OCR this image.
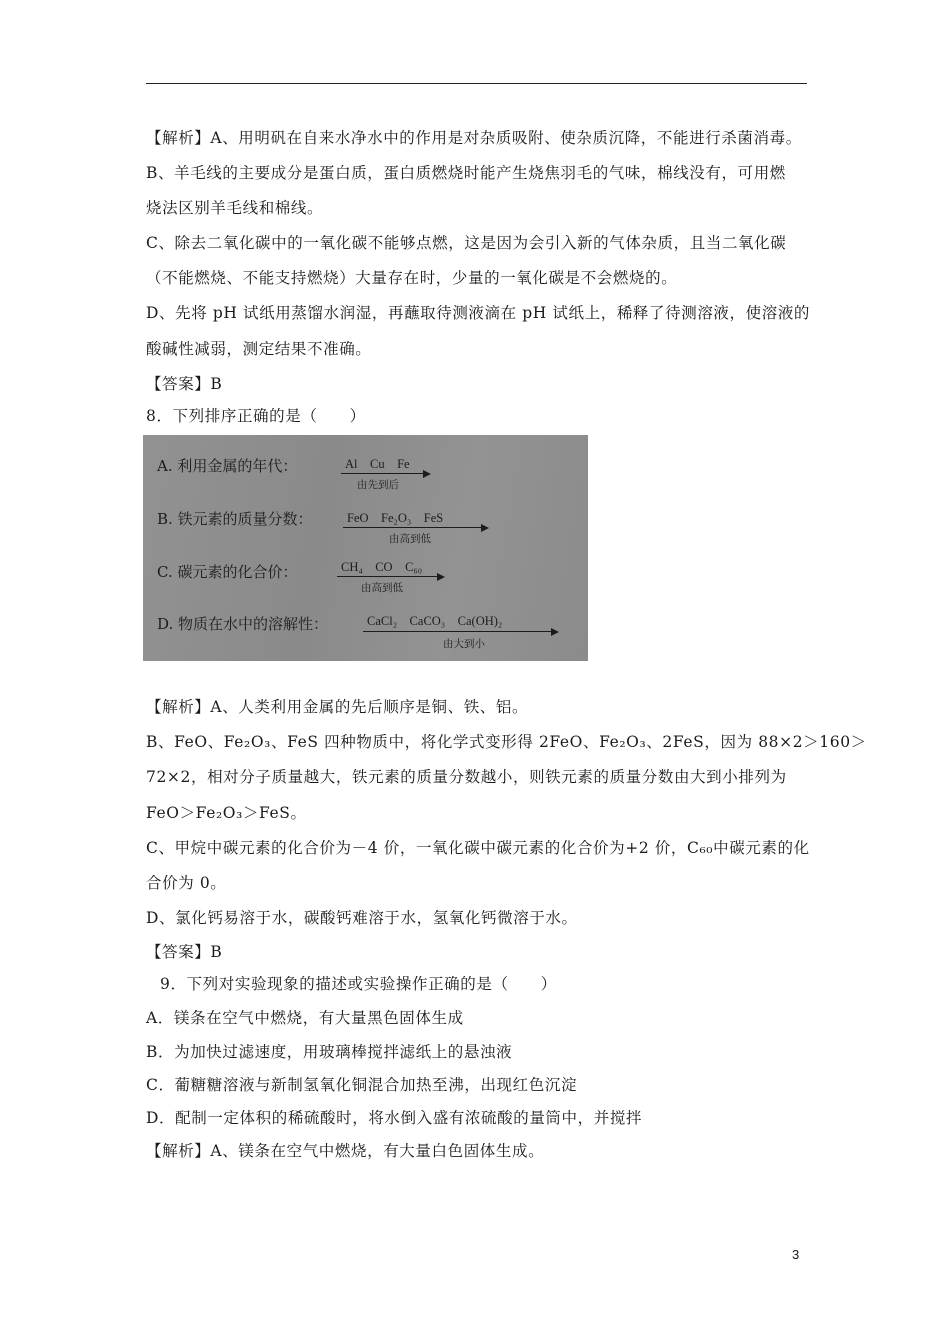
【解析】A、用明矾在自来水净水中的作用是对杂质吸附、使杂质沉降，不能进行杀菌消毒。
B、羊毛线的主要成分是蛋白质，蛋白质燃烧时能产生烧焦羽毛的气味，棉线没有，可用燃
烧法区别羊毛线和棉线。
C、除去二氧化碳中的一氧化碳不能够点燃，这是因为会引入新的气体杂质，且当二氧化碳
（不能燃烧、不能支持燃烧）大量存在时，少量的一氧化碳是不会燃烧的。
D、先将 pH 试纸用蒸馏水润湿，再蘸取待测液滴在 pH 试纸上，稀释了待测溶液，使溶液的
酸碱性减弱，测定结果不准确。
【答案】B
8．下列排序正确的是（　　）
A. 利用金属的年代：	Al　Cu　Fe
由先到后
B. 铁元素的质量分数：	FeO　Fe₂O₃　FeS
由高到低
C. 碳元素的化合价：	CH₄　CO　C₆₀
由高到低
D. 物质在水中的溶解性：	CaCl₂　CaCO₃　Ca(OH)₂
由大到小
【解析】A、人类利用金属的先后顺序是铜、铁、铝。
B、FeO、Fe₂O₃、FeS 四种物质中，将化学式变形得 2FeO、Fe₂O₃、2FeS，因为 88×2＞160＞
72×2，相对分子质量越大，铁元素的质量分数越小，则铁元素的质量分数由大到小排列为
FeO＞Fe₂O₃＞FeS。
C、甲烷中碳元素的化合价为－4 价，一氧化碳中碳元素的化合价为+2 价，C₆₀中碳元素的化
合价为 0。
D、氯化钙易溶于水，碳酸钙难溶于水，氢氧化钙微溶于水。
【答案】B
9．下列对实验现象的描述或实验操作正确的是（　　）
A．镁条在空气中燃烧，有大量黑色固体生成
B．为加快过滤速度，用玻璃棒搅拌滤纸上的悬浊液
C．葡糖糖溶液与新制氢氧化铜混合加热至沸，出现红色沉淀
D．配制一定体积的稀硫酸时，将水倒入盛有浓硫酸的量筒中，并搅拌
【解析】A、镁条在空气中燃烧，有大量白色固体生成。
3
